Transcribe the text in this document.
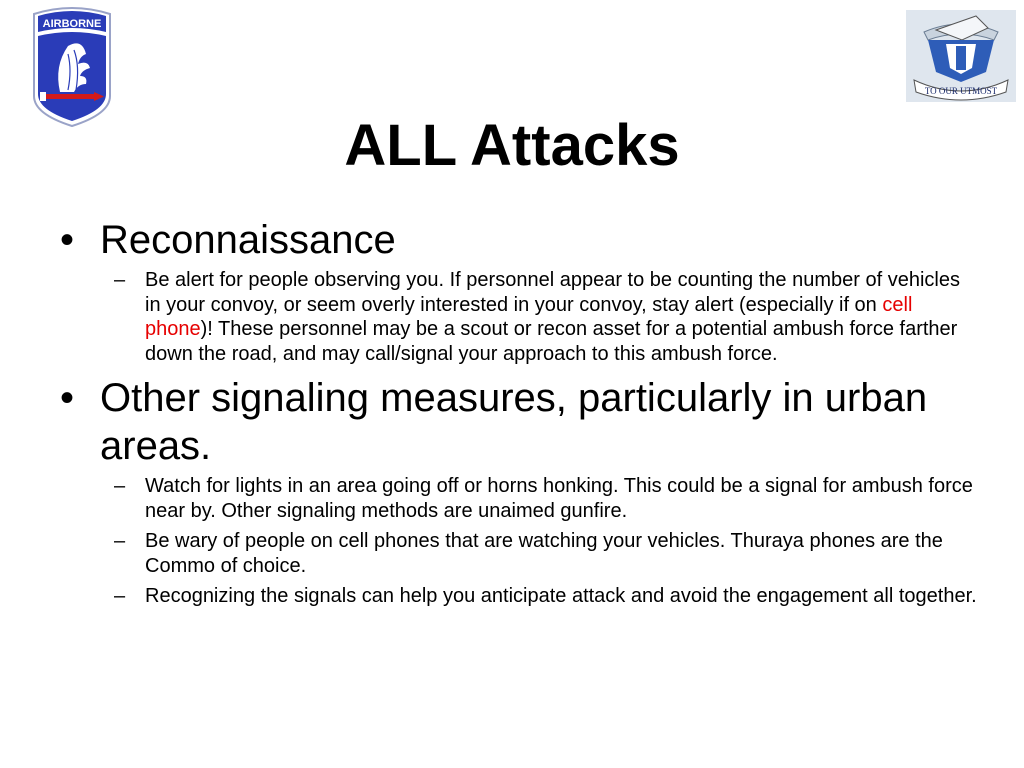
AIRBORNE
TO OUR UTMOST
ALL Attacks
• Reconnaissance
– Be alert for people observing you. If personnel appear to be counting the number of vehicles in your convoy, or seem overly interested in your convoy, stay alert (especially if on cell phone)! These personnel may be a scout or recon asset for a potential ambush force farther down the road, and may call/signal your approach to this ambush force.
• Other signaling measures, particularly in urban areas.
– Watch for lights in an area going off or horns honking. This could be a signal for ambush force near by. Other signaling methods are unaimed gunfire.
– Be wary of people on cell phones that are watching your vehicles. Thuraya phones are the Commo of choice.
– Recognizing the signals can help you anticipate attack and avoid the engagement all together.
